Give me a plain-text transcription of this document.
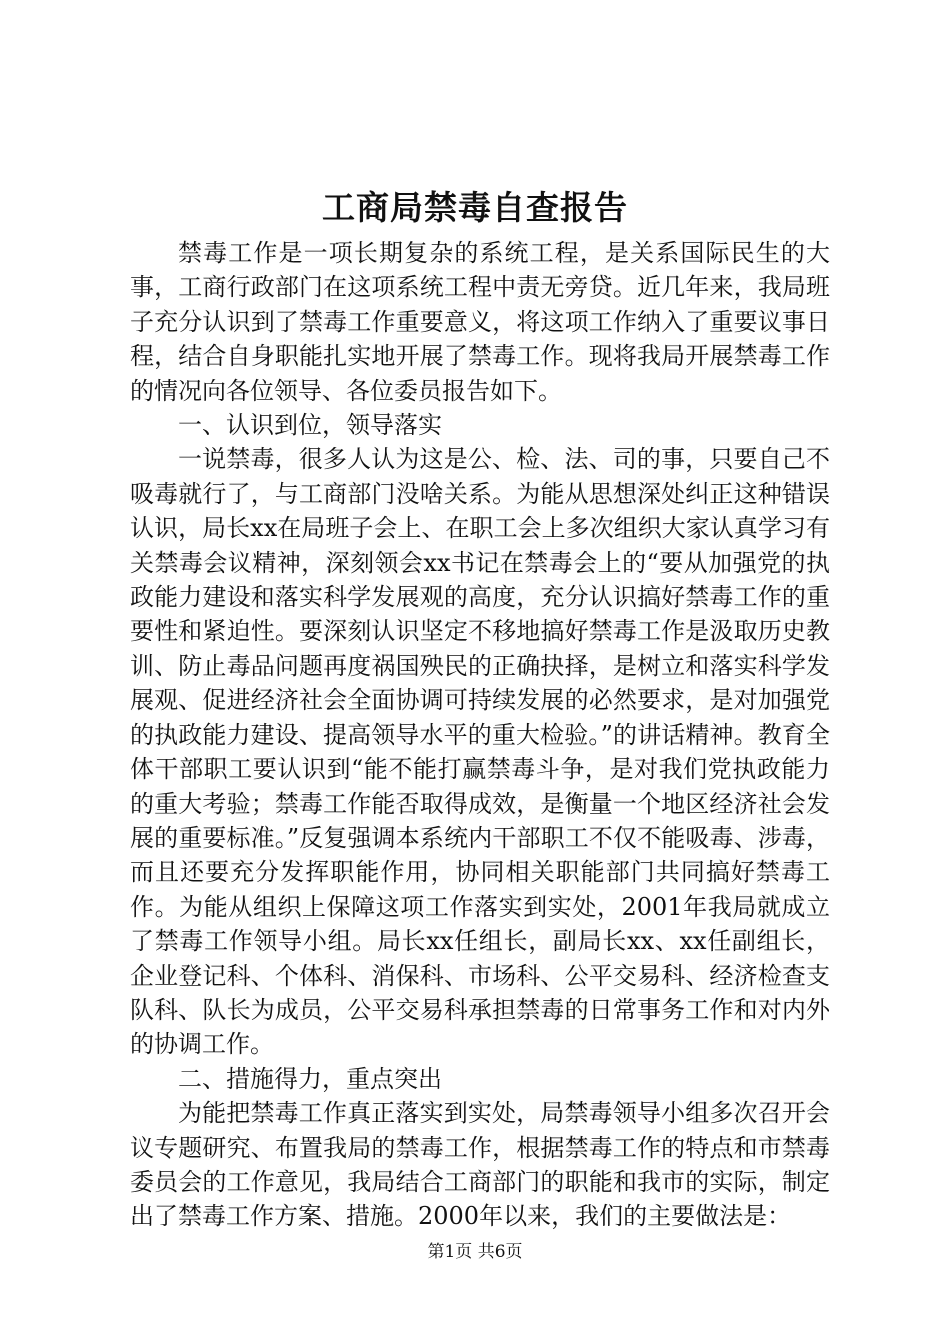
工商局禁毒自查报告

禁毒工作是一项长期复杂的系统工程，是关系国际民生的大事，工商行政部门在这项系统工程中责无旁贷。近几年来，我局班子充分认识到了禁毒工作重要意义，将这项工作纳入了重要议事日程，结合自身职能扎实地开展了禁毒工作。现将我局开展禁毒工作的情况向各位领导、各位委员报告如下。

一、认识到位，领导落实

一说禁毒，很多人认为这是公、检、法、司的事，只要自己不吸毒就行了，与工商部门没啥关系。为能从思想深处纠正这种错误认识，局长xx在局班子会上、在职工会上多次组织大家认真学习有关禁毒会议精神，深刻领会xx书记在禁毒会上的“要从加强党的执政能力建设和落实科学发展观的高度，充分认识搞好禁毒工作的重要性和紧迫性。要深刻认识坚定不移地搞好禁毒工作是汲取历史教训、防止毒品问题再度祸国殃民的正确抉择，是树立和落实科学发展观、促进经济社会全面协调可持续发展的必然要求，是对加强党的执政能力建设、提高领导水平的重大检验。”的讲话精神。教育全体干部职工要认识到“能不能打赢禁毒斗争，是对我们党执政能力的重大考验；禁毒工作能否取得成效，是衡量一个地区经济社会发展的重要标准。”反复强调本系统内干部职工不仅不能吸毒、涉毒，而且还要充分发挥职能作用，协同相关职能部门共同搞好禁毒工作。为能从组织上保障这项工作落实到实处，2001年我局就成立了禁毒工作领导小组。局长xx任组长，副局长xx、xx任副组长，企业登记科、个体科、消保科、市场科、公平交易科、经济检查支队科、队长为成员，公平交易科承担禁毒的日常事务工作和对内外的协调工作。

二、措施得力，重点突出

为能把禁毒工作真正落实到实处，局禁毒领导小组多次召开会议专题研究、布置我局的禁毒工作，根据禁毒工作的特点和市禁毒委员会的工作意见，我局结合工商部门的职能和我市的实际，制定出了禁毒工作方案、措施。2000年以来，我们的主要做法是：

第1页 共6页
